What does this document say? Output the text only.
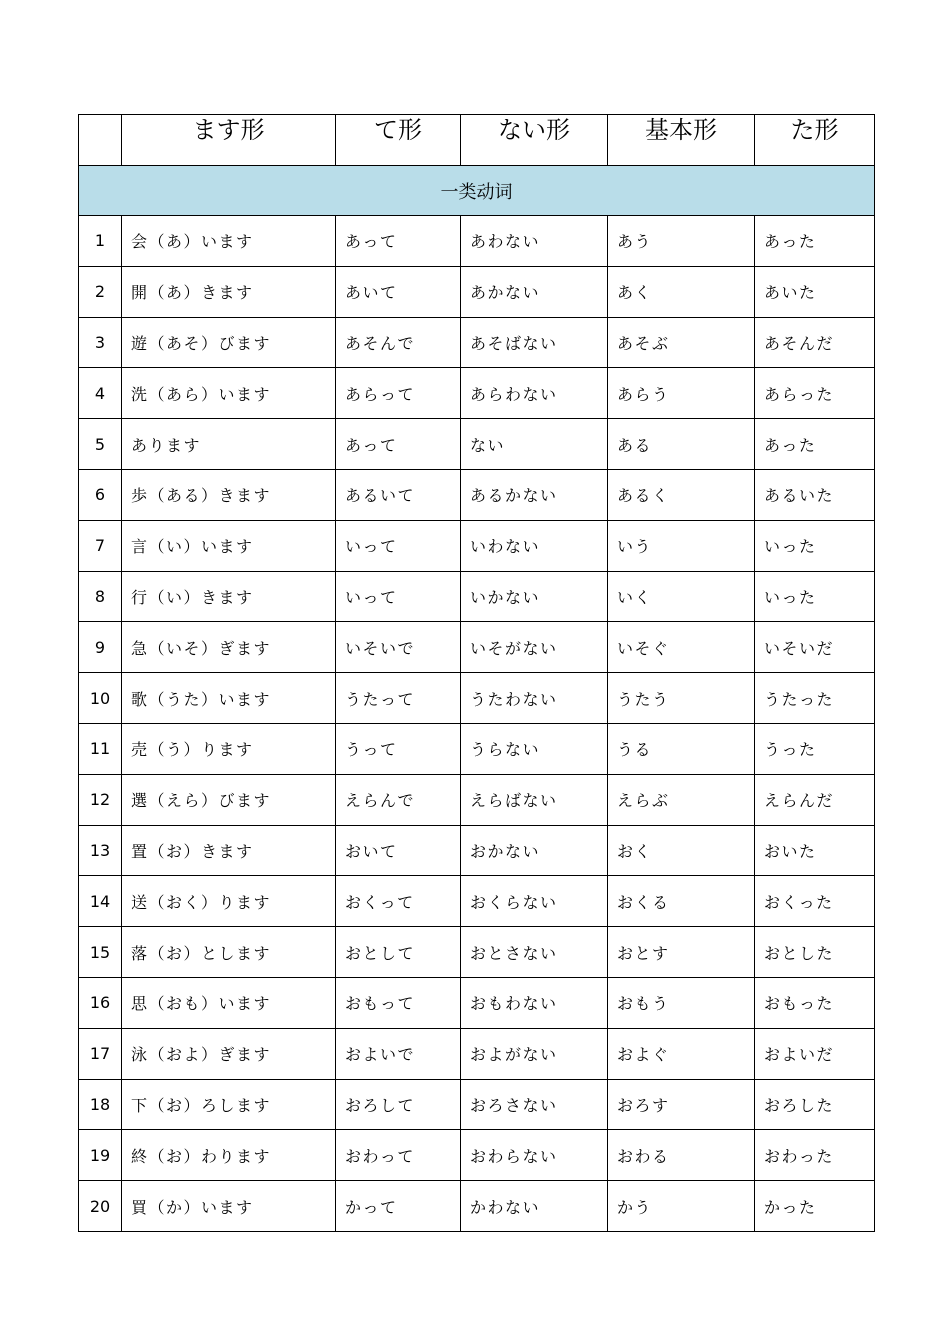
	ます形	て形	ない形	基本形	た形
一类动词					
1	会（あ）います	あって	あわない	あう	あった
2	開（あ）きます	あいて	あかない	あく	あいた
3	遊（あそ）びます	あそんで	あそばない	あそぶ	あそんだ
4	洗（あら）います	あらって	あらわない	あらう	あらった
5	あります	あって	ない	ある	あった
6	歩（ある）きます	あるいて	あるかない	あるく	あるいた
7	言（い）います	いって	いわない	いう	いった
8	行（い）きます	いって	いかない	いく	いった
9	急（いそ）ぎます	いそいで	いそがない	いそぐ	いそいだ
10	歌（うた）います	うたって	うたわない	うたう	うたった
11	売（う）ります	うって	うらない	うる	うった
12	選（えら）びます	えらんで	えらばない	えらぶ	えらんだ
13	置（お）きます	おいて	おかない	おく	おいた
14	送（おく）ります	おくって	おくらない	おくる	おくった
15	落（お）とします	おとして	おとさない	おとす	おとした
16	思（おも）います	おもって	おもわない	おもう	おもった
17	泳（およ）ぎます	およいで	およがない	およぐ	およいだ
18	下（お）ろします	おろして	おろさない	おろす	おろした
19	終（お）わります	おわって	おわらない	おわる	おわった
20	買（か）います	かって	かわない	かう	かった
